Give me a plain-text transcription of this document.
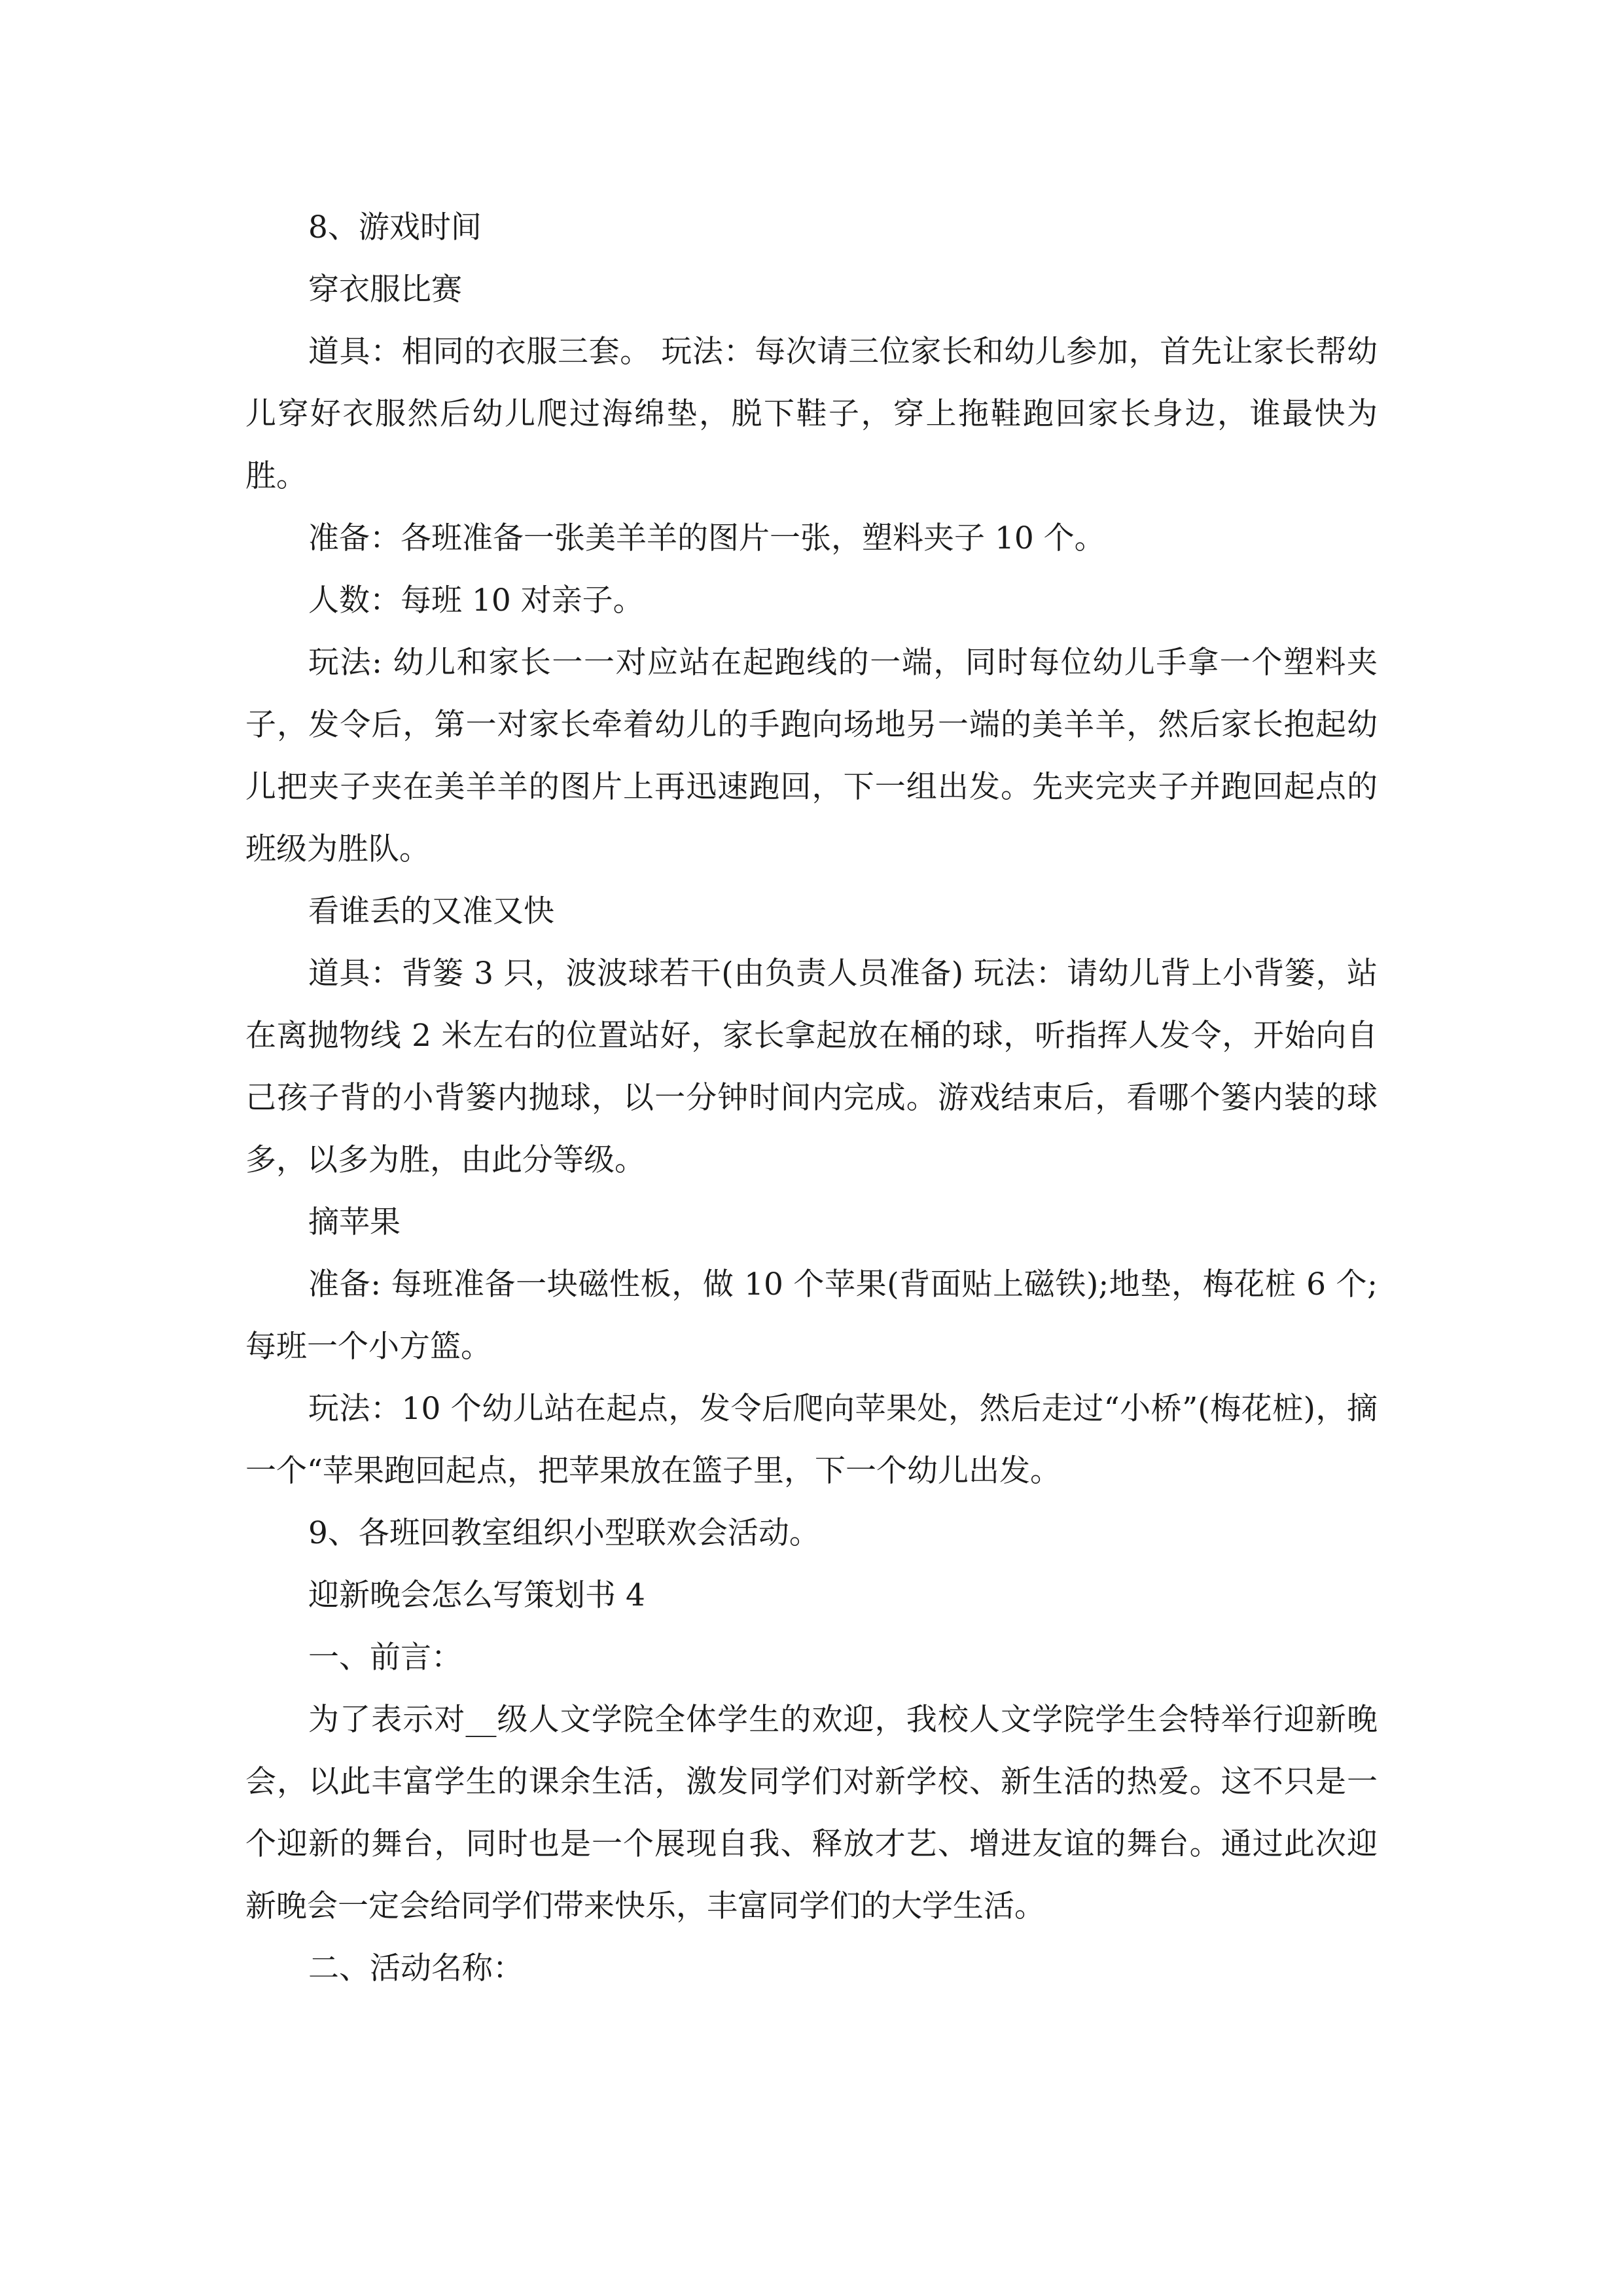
8、游戏时间

穿衣服比赛

道具：相同的衣服三套。 玩法：每次请三位家长和幼儿参加，首先让家长帮幼儿穿好衣服然后幼儿爬过海绵垫，脱下鞋子，穿上拖鞋跑回家长身边，谁最快为胜。

准备：各班准备一张美羊羊的图片一张，塑料夹子 10 个。

人数：每班 10 对亲子。

玩法: 幼儿和家长一一对应站在起跑线的一端，同时每位幼儿手拿一个塑料夹子，发令后，第一对家长牵着幼儿的手跑向场地另一端的美羊羊，然后家长抱起幼儿把夹子夹在美羊羊的图片上再迅速跑回，下一组出发。先夹完夹子并跑回起点的班级为胜队。

看谁丢的又准又快

道具：背篓 3 只，波波球若干(由负责人员准备) 玩法：请幼儿背上小背篓，站在离抛物线 2 米左右的位置站好，家长拿起放在桶的球，听指挥人发令，开始向自己孩子背的小背篓内抛球，以一分钟时间内完成。游戏结束后，看哪个篓内装的球多，以多为胜，由此分等级。

摘苹果

准备: 每班准备一块磁性板，做 10 个苹果(背面贴上磁铁);地垫，梅花桩 6 个;每班一个小方篮。

玩法：10 个幼儿站在起点，发令后爬向苹果处，然后走过“小桥”(梅花桩)，摘一个“苹果跑回起点，把苹果放在篮子里，下一个幼儿出发。

9、各班回教室组织小型联欢会活动。

迎新晚会怎么写策划书 4

一、前言：

为了表示对__级人文学院全体学生的欢迎，我校人文学院学生会特举行迎新晚会，以此丰富学生的课余生活，激发同学们对新学校、新生活的热爱。这不只是一个迎新的舞台，同时也是一个展现自我、释放才艺、增进友谊的舞台。通过此次迎新晚会一定会给同学们带来快乐，丰富同学们的大学生活。

二、活动名称：
